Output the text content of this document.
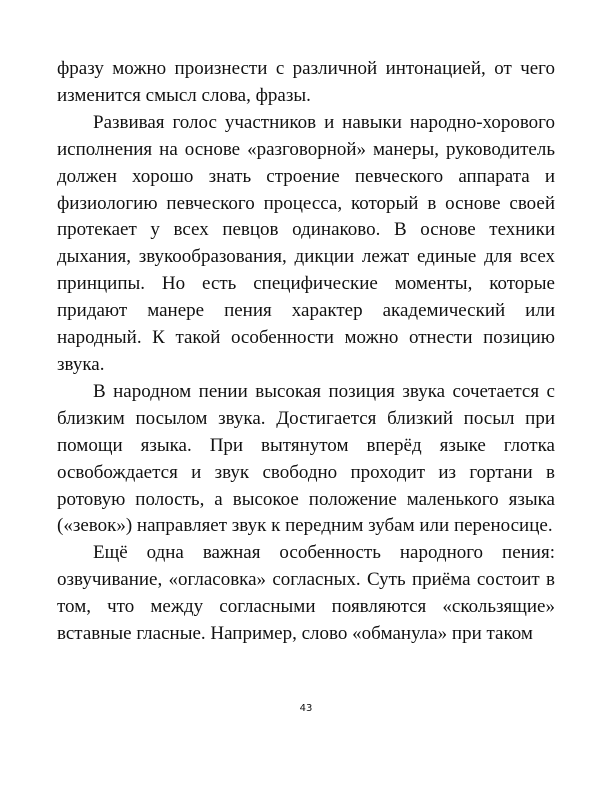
фразу можно произнести с различной интонацией, от чего изменится смысл слова, фразы.

Развивая голос участников и навыки народно-хорового исполнения на основе «разговорной» манеры, руководитель должен хорошо знать строение певческого аппарата и физиологию певческого процесса, который в основе своей протекает у всех певцов одинаково. В основе техники дыхания, звукообразования, дикции лежат единые для всех принципы. Но есть специфические моменты, которые придают манере пения характер академический или народный. К такой особенности можно отнести позицию звука.

В народном пении высокая позиция звука сочетается с близким посылом звука. Достигается близкий посыл при помощи языка. При вытянутом вперёд языке глотка освобождается и звук свободно проходит из гортани в ротовую полость, а высокое положение маленького языка («зевок») направляет звук к передним зубам или переносице.

Ещё одна важная особенность народного пения: озвучивание, «огласовка» согласных. Суть приёма состоит в том, что между согласными появляются «скользящие» вставные гласные. Например, слово «обманула» при таком

43
